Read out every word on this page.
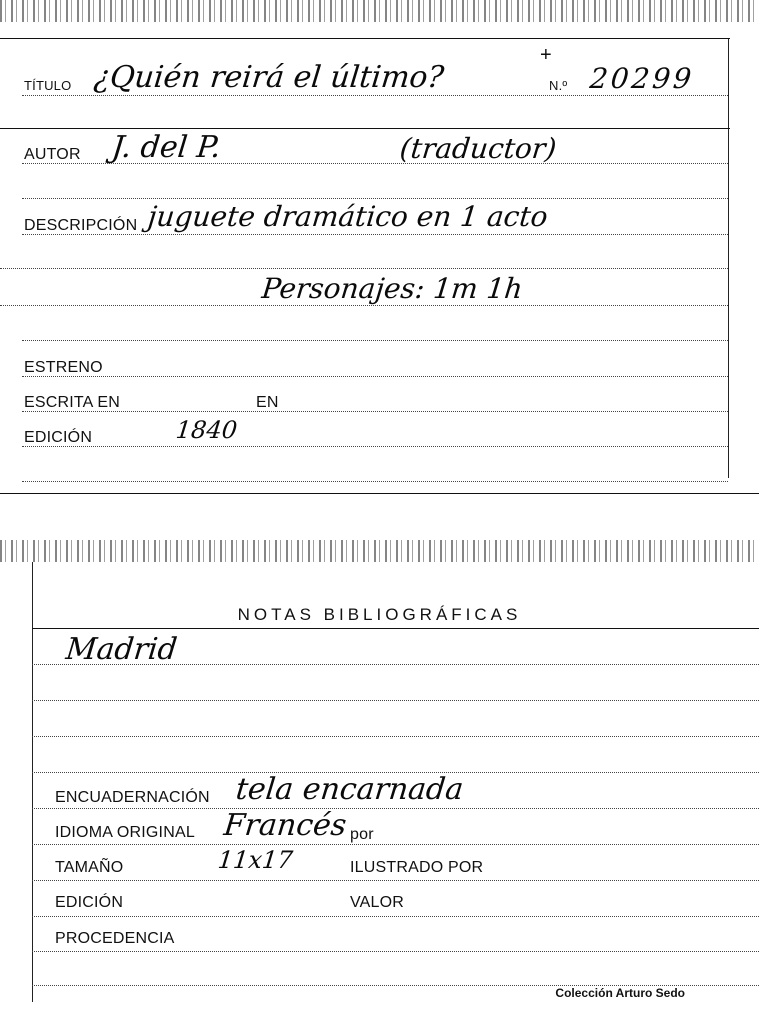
TÍTULO ¿Quién reirá el último?
+
N.º 20299
AUTOR J. del P.	(traductor)
DESCRIPCIÓN juguete dramático en 1 acto
Personajes: 1m 1h
ESTRENO
ESCRITA EN	EN
EDICIÓN	1840
NOTAS BIBLIOGRÁFICAS
Madrid
ENCUADERNACIÓN tela encarnada
IDIOMA ORIGINAL Francés por
TAMAÑO	11x17	ILUSTRADO POR
EDICIÓN	VALOR
PROCEDENCIA
Colección Arturo Sedo
